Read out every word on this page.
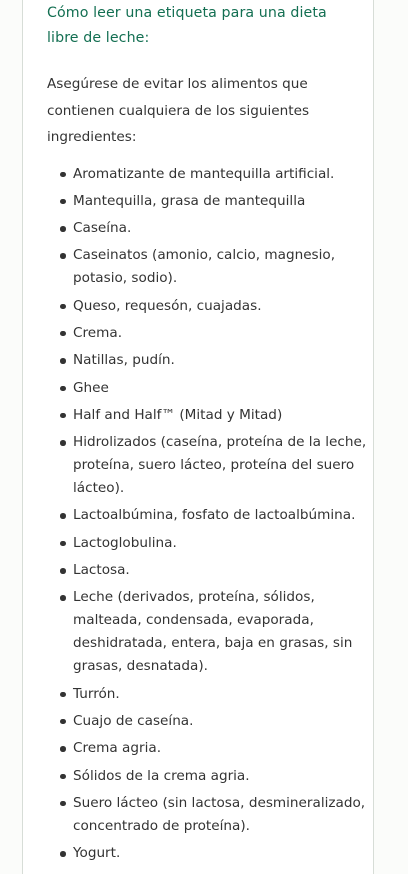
Cómo leer una etiqueta para una dieta libre de leche:

Asegúrese de evitar los alimentos que contienen cualquiera de los siguientes ingredientes:

Aromatizante de mantequilla artificial.
Mantequilla, grasa de mantequilla
Caseína.
Caseinatos (amonio, calcio, magnesio, potasio, sodio).
Queso, requesón, cuajadas.
Crema.
Natillas, pudín.
Ghee
Half and Half™ (Mitad y Mitad)
Hidrolizados (caseína, proteína de la leche, proteína, suero lácteo, proteína del suero lácteo).
Lactoalbúmina, fosfato de lactoalbúmina.
Lactoglobulina.
Lactosa.
Leche (derivados, proteína, sólidos, malteada, condensada, evaporada, deshidratada, entera, baja en grasas, sin grasas, desnatada).
Turrón.
Cuajo de caseína.
Crema agria.
Sólidos de la crema agria.
Suero lácteo (sin lactosa, desmineralizado, concentrado de proteína).
Yogurt.
